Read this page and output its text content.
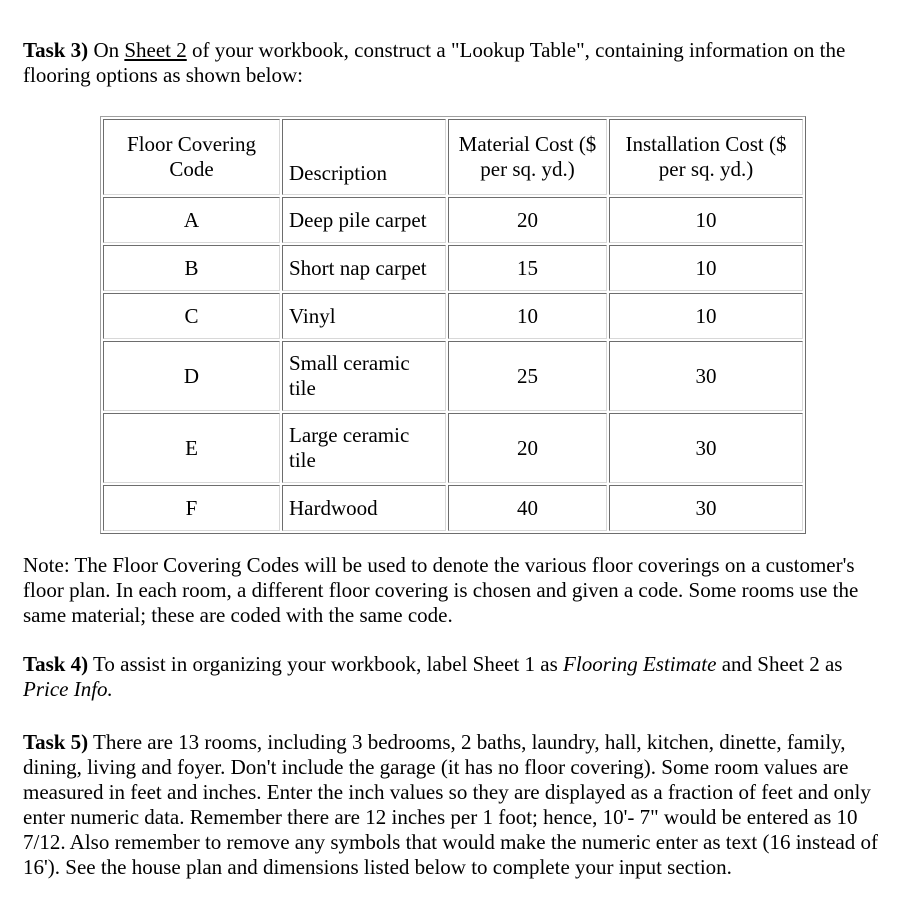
Task 3) On Sheet 2 of your workbook, construct a "Lookup Table", containing information on the flooring options as shown below:

Floor Covering Code	Description	Material Cost ($ per sq. yd.)	Installation Cost ($ per sq. yd.)
A	Deep pile carpet	20	10
B	Short nap carpet	15	10
C	Vinyl	10	10
D	Small ceramic tile	25	30
E	Large ceramic tile	20	30
F	Hardwood	40	30

Note: The Floor Covering Codes will be used to denote the various floor coverings on a customer's floor plan. In each room, a different floor covering is chosen and given a code. Some rooms use the same material; these are coded with the same code.

Task 4) To assist in organizing your workbook, label Sheet 1 as Flooring Estimate and Sheet 2 as Price Info.

Task 5) There are 13 rooms, including 3 bedrooms, 2 baths, laundry, hall, kitchen, dinette, family, dining, living and foyer. Don't include the garage (it has no floor covering). Some room values are measured in feet and inches. Enter the inch values so they are displayed as a fraction of feet and only enter numeric data. Remember there are 12 inches per 1 foot; hence, 10'- 7" would be entered as 10 7/12. Also remember to remove any symbols that would make the numeric enter as text (16 instead of 16'). See the house plan and dimensions listed below to complete your input section.
